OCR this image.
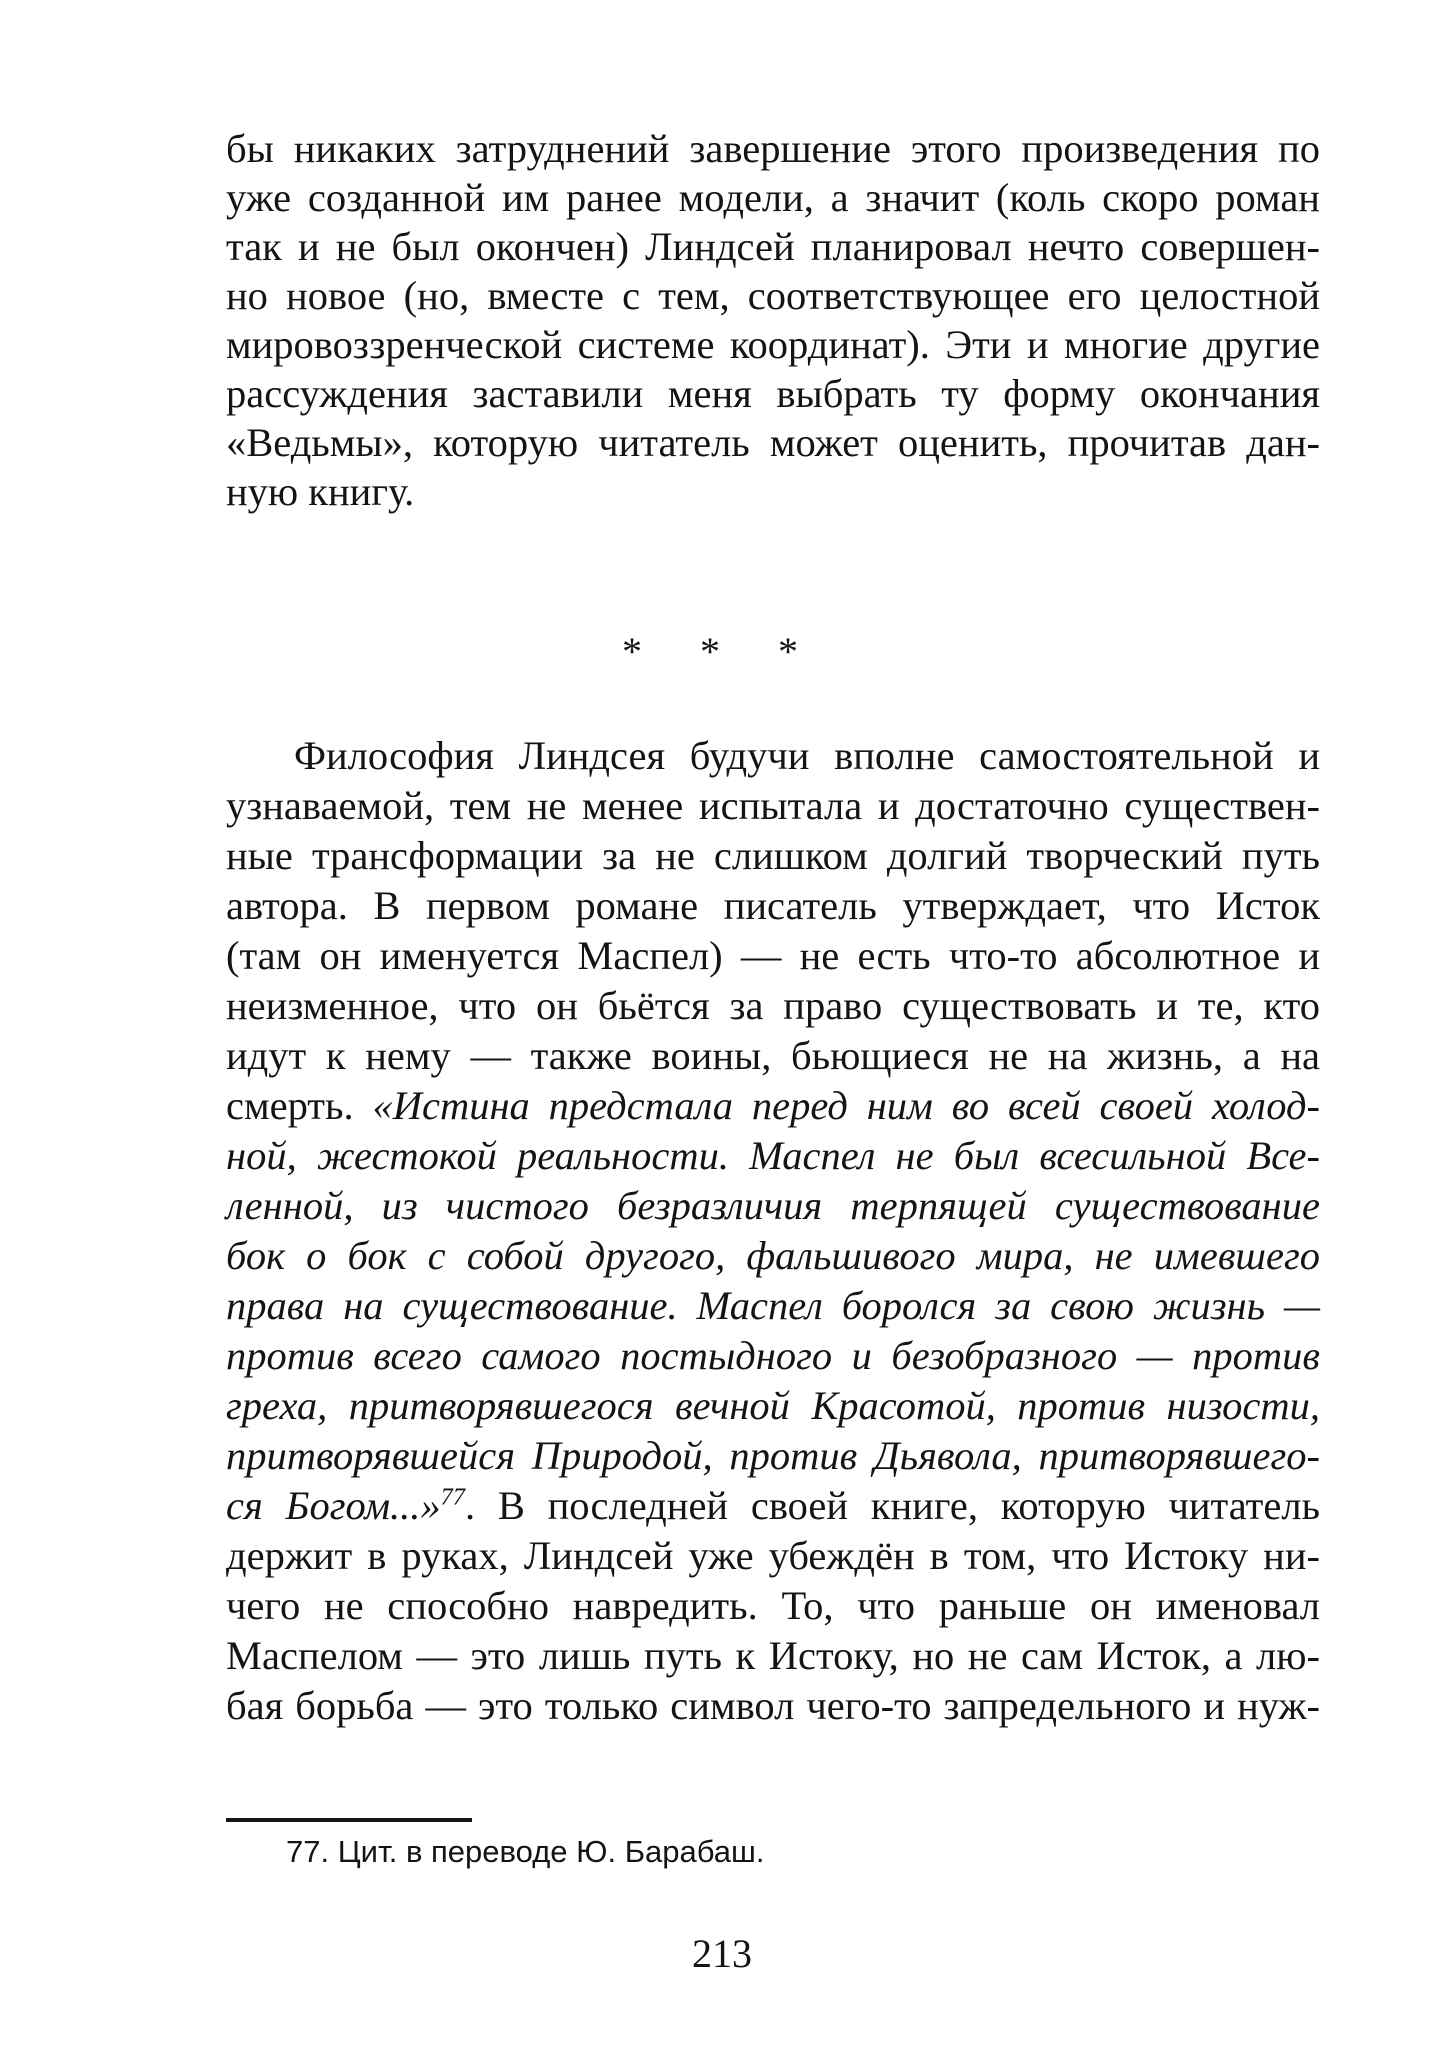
бы никаких затруднений завершение этого произведения по
уже созданной им ранее модели, а значит (коль скоро роман
так и не был окончен) Линдсей планировал нечто совершен-
но новое (но, вместе с тем, соответствующее его целостной
мировоззренческой системе координат). Эти и многие другие
рассуждения заставили меня выбрать ту форму окончания
«Ведьмы», которую читатель может оценить, прочитав дан-
ную книгу.
* * *
Философия Линдсея будучи вполне самостоятельной и
узнаваемой, тем не менее испытала и достаточно существен-
ные трансформации за не слишком долгий творческий путь
автора. В первом романе писатель утверждает, что Исток
(там он именуется Маспел) — не есть что-то абсолютное и
неизменное, что он бьётся за право существовать и те, кто
идут к нему — также воины, бьющиеся не на жизнь, а на
смерть. «Истина предстала перед ним во всей своей холод-
ной, жестокой реальности. Маспел не был всесильной Все-
ленной, из чистого безразличия терпящей существование
бок о бок с собой другого, фальшивого мира, не имевшего
права на существование. Маспел боролся за свою жизнь —
против всего самого постыдного и безобразного — против
греха, притворявшегося вечной Красотой, против низости,
притворявшейся Природой, против Дьявола, притворявшего-
ся Богом...»$^{77}$. В последней своей книге, которую читатель
держит в руках, Линдсей уже убеждён в том, что Истоку ни-
чего не способно навредить. То, что раньше он именовал
Маспелом — это лишь путь к Истоку, но не сам Исток, а лю-
бая борьба — это только символ чего-то запредельного и нуж-
77. Цит. в переводе Ю. Барабаш.
213
